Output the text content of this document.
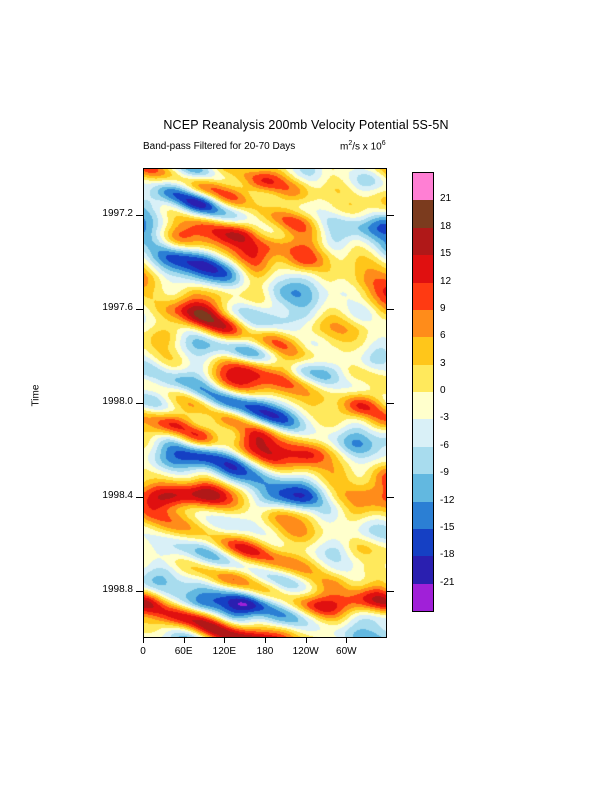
NCEP Reanalysis 200mb Velocity Potential 5S-5N
Band-pass Filtered for 20-70 Days	$m^2/s$ x $10^6$
Time
1997.2
1997.6
1998.0
1998.4
1998.8
0	60E	120E	180	120W	60W
21
18
15
12
9
6
3
0
-3
-6
-9
-12
-15
-18
-21
